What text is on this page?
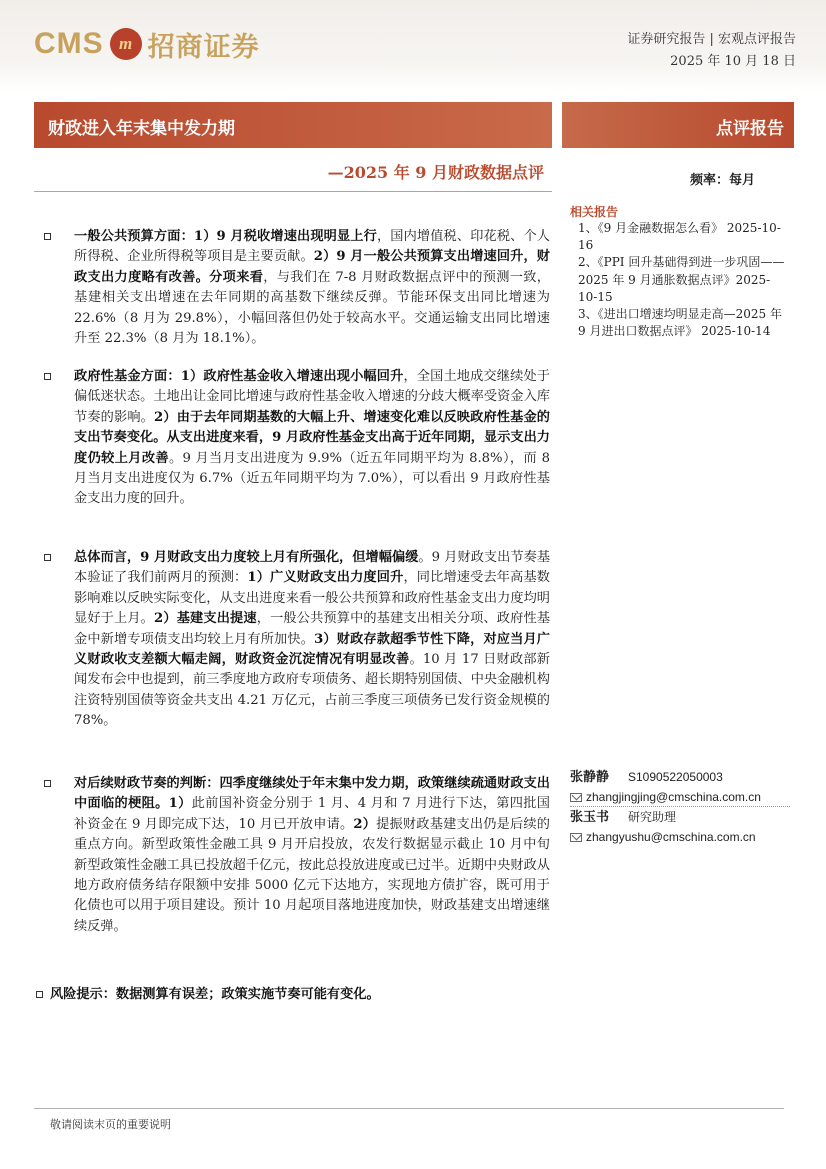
CMS m 招商证券	证券研究报告 | 宏观点评报告
2025 年 10 月 18 日
财政进入年末集中发力期	点评报告
—2025 年 9 月财政数据点评	频率：每月

一般公共预算方面：1）9 月税收增速出现明显上行，国内增值税、印花税、个人所得税、企业所得税等项目是主要贡献。2）9 月一般公共预算支出增速回升，财政支出力度略有改善。分项来看，与我们在 7-8 月财政数据点评中的预测一致，基建相关支出增速在去年同期的高基数下继续反弹。节能环保支出同比增速为 22.6%（8 月为 29.8%），小幅回落但仍处于较高水平。交通运输支出同比增速升至 22.3%（8 月为 18.1%）。

政府性基金方面：1）政府性基金收入增速出现小幅回升，全国土地成交继续处于偏低迷状态。土地出让金同比增速与政府性基金收入增速的分歧大概率受资金入库节奏的影响。2）由于去年同期基数的大幅上升、增速变化难以反映政府性基金的支出节奏变化。从支出进度来看，9 月政府性基金支出高于近年同期，显示支出力度仍较上月改善。9 月当月支出进度为 9.9%（近五年同期平均为 8.8%），而 8 月当月支出进度仅为 6.7%（近五年同期平均为 7.0%），可以看出 9 月政府性基金支出力度的回升。

总体而言，9 月财政支出力度较上月有所强化，但增幅偏缓。9 月财政支出节奏基本验证了我们前两月的预测：1）广义财政支出力度回升，同比增速受去年高基数影响难以反映实际变化，从支出进度来看一般公共预算和政府性基金支出力度均明显好于上月。2）基建支出提速，一般公共预算中的基建支出相关分项、政府性基金中新增专项债支出均较上月有所加快。3）财政存款超季节性下降，对应当月广义财政收支差额大幅走阔，财政资金沉淀情况有明显改善。10 月 17 日财政部新闻发布会中也提到，前三季度地方政府专项债务、超长期特别国债、中央金融机构注资特别国债等资金共支出 4.21 万亿元，占前三季度三项债务已发行资金规模的 78%。

对后续财政节奏的判断：四季度继续处于年末集中发力期，政策继续疏通财政支出中面临的梗阻。1）此前国补资金分别于 1 月、4 月和 7 月进行下达，第四批国补资金在 9 月即完成下达，10 月已开放申请。2）提振财政基建支出仍是后续的重点方向。新型政策性金融工具 9 月开启投放，农发行数据显示截止 10 月中旬新型政策性金融工具已投放超千亿元，按此总投放进度或已过半。近期中央财政从地方政府债务结存限额中安排 5000 亿元下达地方，实现地方债扩容，既可用于化债也可以用于项目建设。预计 10 月起项目落地进度加快，财政基建支出增速继续反弹。

风险提示：数据测算有误差；政策实施节奏可能有变化。

相关报告
1、《9 月金融数据怎么看》 2025-10-16
2、《PPI 回升基础得到进一步巩固——2025 年 9 月通胀数据点评》2025-10-15
3、《进出口增速均明显走高—2025 年 9 月进出口数据点评》 2025-10-14
张静静 S1090522050003
zhangjingjing@cmschina.com.cn
张玉书 研究助理
zhangyushu@cmschina.com.cn
敬请阅读末页的重要说明
